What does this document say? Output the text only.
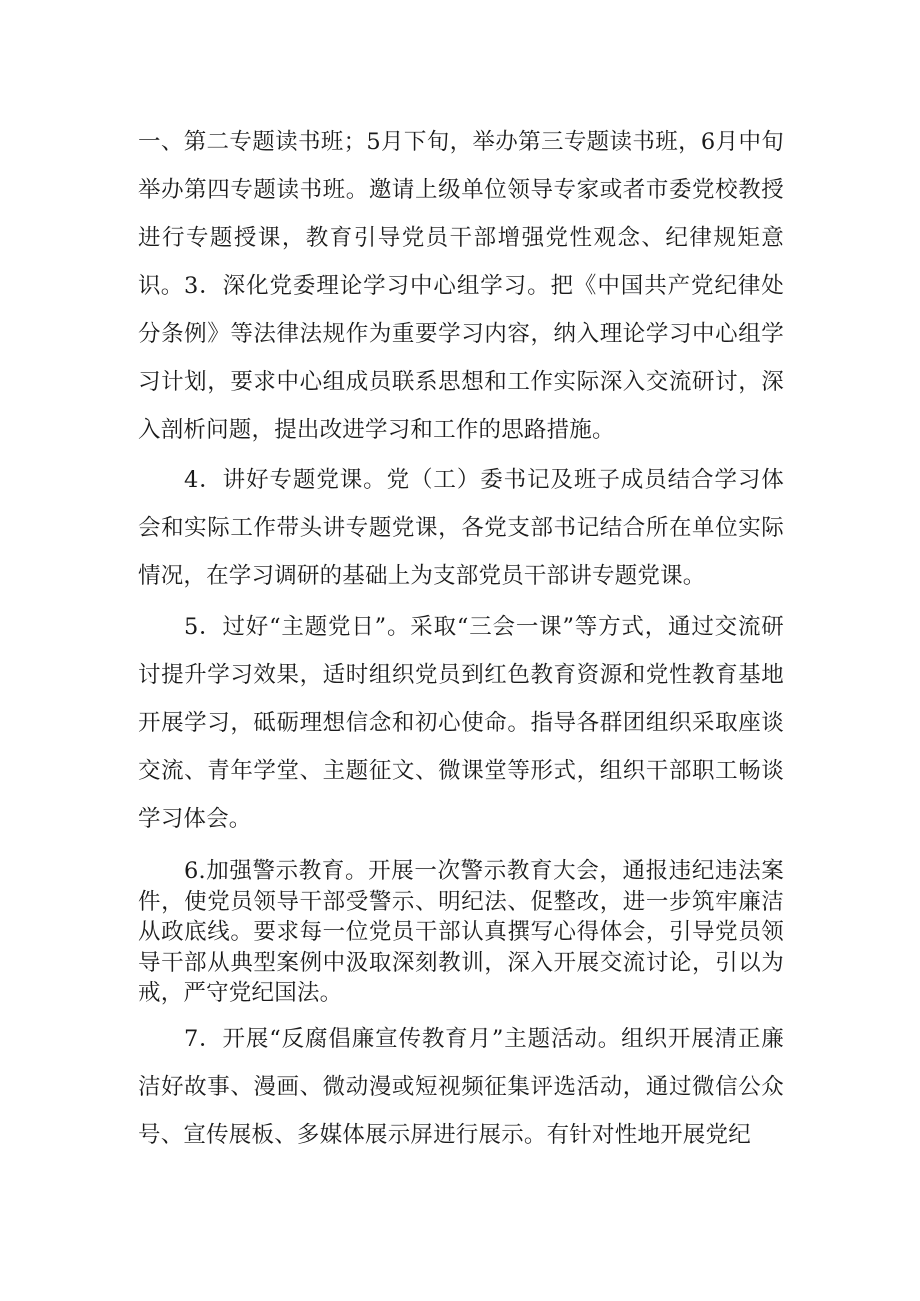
一、第二专题读书班；5月下旬，举办第三专题读书班，6月中旬举办第四专题读书班。邀请上级单位领导专家或者市委党校教授进行专题授课，教育引导党员干部增强党性观念、纪律规矩意识。 3．深化党委理论学习中心组学习。把《中国共产党纪律处分条例》等法律法规作为重要学习内容，纳入理论学习中心组学习计划，要求中心组成员联系思想和工作实际深入交流研讨，深入剖析问题，提出改进学习和工作的思路措施。

4．讲好专题党课。党（工）委书记及班子成员结合学习体会和实际工作带头讲专题党课，各党支部书记结合所在单位实际情况，在学习调研的基础上为支部党员干部讲专题党课。

5．过好“主题党日”。采取“三会一课”等方式，通过交流研讨提升学习效果，适时组织党员到红色教育资源和党性教育基地开展学习，砥砺理想信念和初心使命。指导各群团组织采取座谈交流、青年学堂、主题征文、微课堂等形式，组织干部职工畅谈学习体会。

6.加强警示教育。开展一次警示教育大会，通报违纪违法案件，使党员领导干部受警示、明纪法、促整改，进一步筑牢廉洁从政底线。要求每一位党员干部认真撰写心得体会，引导党员领导干部从典型案例中汲取深刻教训，深入开展交流讨论，引以为戒，严守党纪国法。

7．开展“反腐倡廉宣传教育月”主题活动。组织开展清正廉洁好故事、漫画、微动漫或短视频征集评选活动，通过微信公众号、宣传展板、多媒体展示屏进行展示。有针对性地开展党纪
